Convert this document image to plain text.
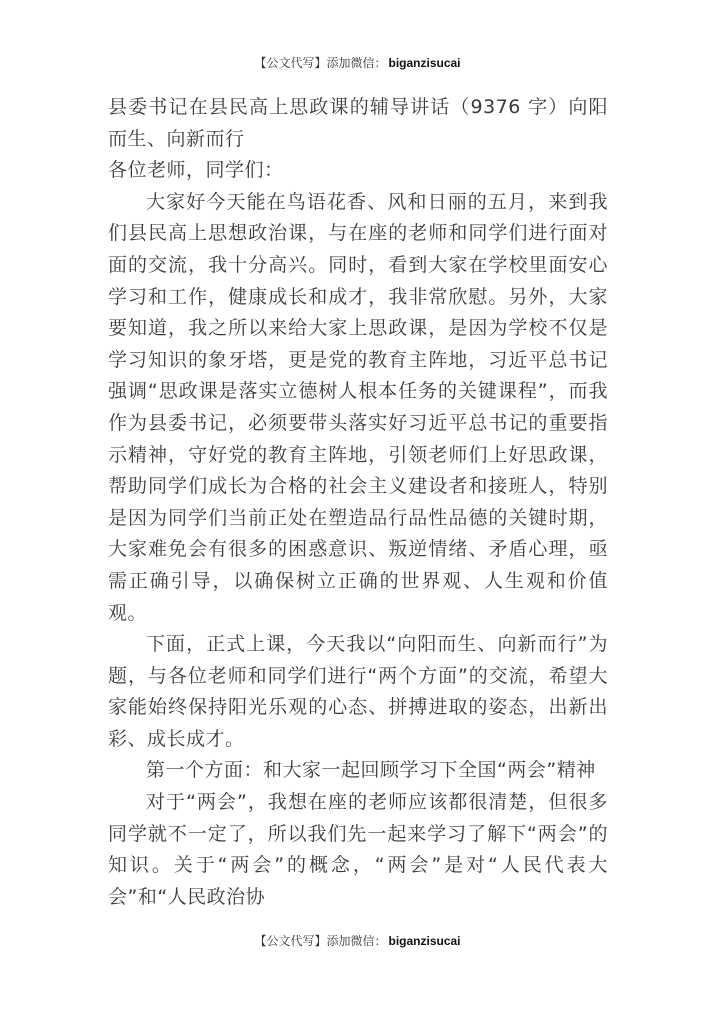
【公文代写】添加微信： biganzisucai

县委书记在县民高上思政课的辅导讲话（9376 字）向阳而生、向新而行

各位老师，同学们：

大家好今天能在鸟语花香、风和日丽的五月，来到我们县民高上思想政治课，与在座的老师和同学们进行面对面的交流，我十分高兴。同时，看到大家在学校里面安心学习和工作，健康成长和成才，我非常欣慰。另外，大家要知道，我之所以来给大家上思政课，是因为学校不仅是学习知识的象牙塔，更是党的教育主阵地，习近平总书记强调“思政课是落实立德树人根本任务的关键课程”，而我作为县委书记，必须要带头落实好习近平总书记的重要指示精神，守好党的教育主阵地，引领老师们上好思政课，帮助同学们成长为合格的社会主义建设者和接班人，特别是因为同学们当前正处在塑造品行品性品德的关键时期，大家难免会有很多的困惑意识、叛逆情绪、矛盾心理，亟需正确引导，以确保树立正确的世界观、人生观和价值观。

下面，正式上课，今天我以“向阳而生、向新而行”为题，与各位老师和同学们进行“两个方面”的交流，希望大家能始终保持阳光乐观的心态、拼搏进取的姿态，出新出彩、成长成才。

第一个方面：和大家一起回顾学习下全国“两会”精神

对于“两会”，我想在座的老师应该都很清楚，但很多同学就不一定了，所以我们先一起来学习了解下“两会”的知识。关于“两会”的概念，“两会”是对“人民代表大会”和“人民政治协

【公文代写】添加微信： biganzisucai
